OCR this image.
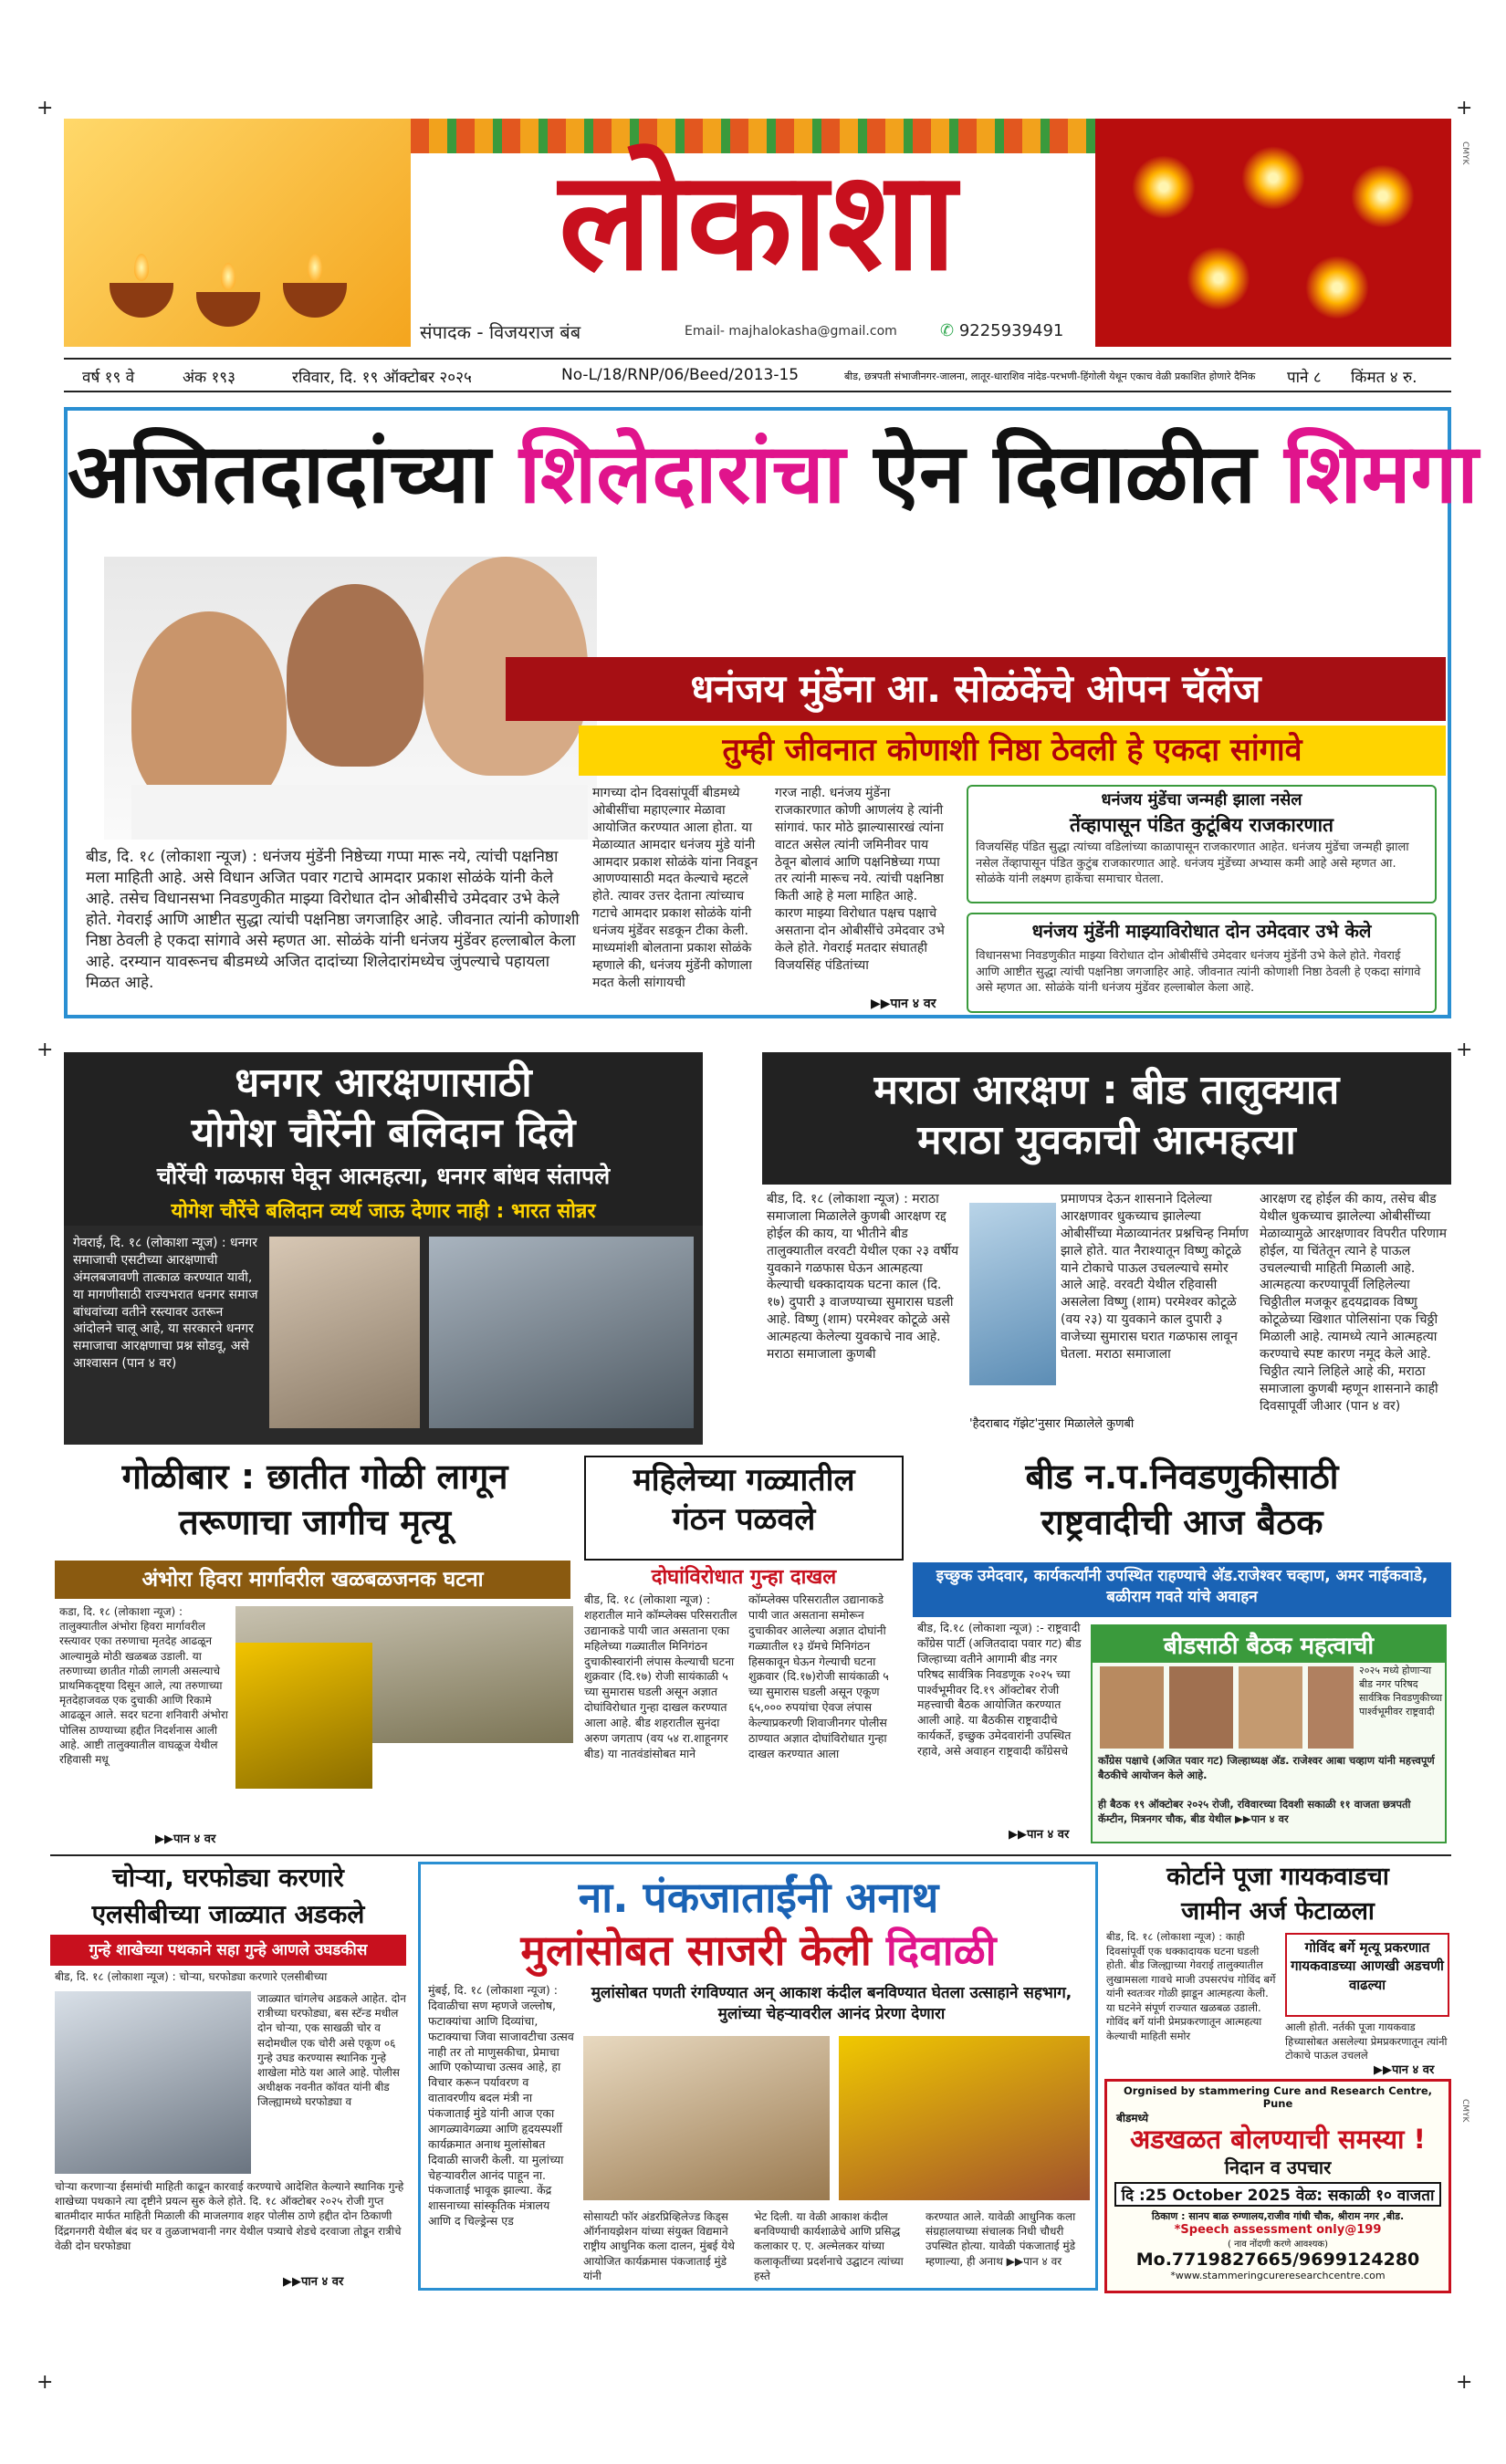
+	+
+	+
+	+
CMYK
CMYK
लोकाशा
संपादक - विजयराज बंब	Email- majhalokasha@gmail.com	✆ 9225939491
वर्ष १९ वे	अंक १९३	रविवार, दि. १९ ऑक्टोबर २०२५	No-L/18/RNP/06/Beed/2013-15	बीड, छत्रपती संभाजीनगर-जालना, लातूर-धाराशिव नांदेड-परभणी-हिंगोली येथून एकाच वेळी प्रकाशित होणारे दैनिक पाने ८ किंमत ४ रु.
अजितदादांच्या शिलेदारांचा ऐन दिवाळीत शिमगा
धनंजय मुंडेंना आ. सोळंकेंचे ओपन चॅलेंज
तुम्ही जीवनात कोणाशी निष्ठा ठेवली हे एकदा सांगावे
बीड, दि. १८ (लोकाशा न्यूज) : धनंजय मुंडेंनी निष्ठेच्या गप्पा मारू नये, त्यांची पक्षनिष्ठा मला माहिती आहे. असे विधान अजित पवार गटाचे आमदार प्रकाश सोळंके यांनी केले आहे. तसेच विधानसभा निवडणुकीत माझ्या विरोधात दोन ओबीसीचे उमेदवार उभे केले होते. गेवराई आणि आष्टीत सुद्धा त्यांची पक्षनिष्ठा जगजाहिर आहे. जीवनात त्यांनी कोणाशी निष्ठा ठेवली हे एकदा सांगावे असे म्हणत आ. सोळंके यांनी धनंजय मुंडेंवर हल्लाबोल केला आहे. दरम्यान यावरूनच बीडमध्ये अजित दादांच्या शिलेदारांमध्येच जुंपल्याचे पहायला मिळत आहे.
मागच्या दोन दिवसांपूर्वी बीडमध्ये ओबीसींचा महाएल्गार मेळावा आयोजित करण्यात आला होता. या मेळाव्यात आमदार धनंजय मुंडे यांनी आमदार प्रकाश सोळंके यांना निवडून आणण्यासाठी मदत केल्याचे म्हटले होते. त्यावर उत्तर देताना त्यांच्याच गटाचे आमदार प्रकाश सोळंके यांनी धनंजय मुंडेंवर सडकून टीका केली. माध्यमांशी बोलताना प्रकाश सोळंके म्हणाले की, धनंजय मुंडेंनी कोणाला मदत केली सांगायची
गरज नाही. धनंजय मुंडेंना राजकारणात कोणी आणलंय हे त्यांनी सांगावं. फार मोठे झाल्यासारखं त्यांना वाटत असेल त्यांनी जमिनीवर पाय ठेवून बोलावं आणि पक्षनिष्ठेच्या गप्पा तर त्यांनी मारूच नये. त्यांची पक्षनिष्ठा किती आहे हे मला माहित आहे. कारण माझ्या विरोधात पक्षच पक्षाचे असताना दोन ओबीसींचे उमेदवार उभे केले होते. गेवराई मतदार संघातही विजयसिंह पंडितांच्या
▶▶पान ४ वर
धनंजय मुंडेंचा जन्मही झाला नसेल
तेंव्हापासून पंडित कुटूंबिय राजकारणात

विजयसिंह पंडित सुद्धा त्यांच्या वडिलांच्या काळापासून राजकारणात आहेत. धनंजय मुंडेंचा जन्मही झाला नसेल तेंव्हापासून पंडित कुटुंब राजकारणात आहे. धनंजय मुंडेंच्या अभ्यास कमी आहे असे म्हणत आ. सोळंके यांनी लक्ष्मण हाकेंचा समाचार घेतला.

धनंजय मुंडेंनी माझ्याविरोधात दोन उमेदवार उभे केले

विधानसभा निवडणुकीत माझ्या विरोधात दोन ओबीसींचे उमेदवार धनंजय मुंडेंनी उभे केले होते. गेवराई आणि आष्टीत सुद्धा त्यांची पक्षनिष्ठा जगजाहिर आहे. जीवनात त्यांनी कोणाशी निष्ठा ठेवली हे एकदा सांगावे असे म्हणत आ. सोळंके यांनी धनंजय मुंडेंवर हल्लाबोल केला आहे.

धनगर आरक्षणासाठी
योगेश चौरेंनी बलिदान दिले
चौरेंची गळफास घेवून आत्महत्या, धनगर बांधव संतापले
योगेश चौरेंचे बलिदान व्यर्थ जाऊ देणार नाही : भारत सोन्नर
गेवराई, दि. १८ (लोकाशा न्यूज) : धनगर समाजाची एसटीच्या आरक्षणाची अंमलबजावणी तात्काळ करण्यात यावी, या मागणीसाठी राज्यभरात धनगर समाज बांधवांच्या वतीने रस्त्यावर उतरून आंदोलने चालू आहे, या सरकारने धनगर समाजाचा आरक्षणाचा प्रश्न सोडवू, असे आश्वासन (पान ४ वर)
मराठा आरक्षण : बीड तालुक्यात
मराठा युवकाची आत्महत्या
बीड, दि. १८ (लोकाशा न्यूज) : मराठा समाजाला मिळालेले कुणबी आरक्षण रद्द होईल की काय, या भीतीने बीड तालुक्यातील वरवटी येथील एका २३ वर्षीय युवकाने गळफास घेऊन आत्महत्या केल्याची धक्कादायक घटना काल (दि. १७) दुपारी ३ वाजण्याच्या सुमारास घडली आहे. विष्णु (शाम) परमेश्वर कोटूळे असे आत्महत्या केलेल्या युवकाचे नाव आहे. मराठा समाजाला कुणबी
प्रमाणपत्र देऊन शासनाने दिलेल्या आरक्षणावर धुकच्याच झालेल्या ओबीसींच्या मेळाव्यानंतर प्रश्नचिन्ह निर्माण झाले होते. यात नैराश्यातून विष्णु कोटूळे याने टोकाचे पाऊल उचलल्याचे समोर आले आहे. वरवटी येथील रहिवासी असलेला विष्णु (शाम) परमेश्वर कोटूळे (वय २३) या युवकाने काल दुपारी ३ वाजेच्या सुमारास घरात गळफास लावून घेतला. मराठा समाजाला
आरक्षण रद्द होईल की काय, तसेच बीड येथील धुकच्याच झालेल्या ओबीसींच्या मेळाव्यामुळे आरक्षणावर विपरीत परिणाम होईल, या चिंतेतून त्याने हे पाऊल उचलल्याची माहिती मिळाली आहे. आत्महत्या करण्यापूर्वी लिहिलेल्या चिठ्ठीतील मजकूर हृदयद्रावक विष्णु कोटूळेच्या खिशात पोलिसांना एक चिठ्ठी मिळाली आहे. त्यामध्ये त्याने आत्महत्या करण्याचे स्पष्ट कारण नमूद केले आहे. चिठ्ठीत त्याने लिहिले आहे की, मराठा समाजाला कुणबी म्हणून शासनाने काही दिवसापूर्वी जीआर (पान ४ वर)
'हैदराबाद गॅझेट'नुसार मिळालेले कुणबी
गोळीबार : छातीत गोळी लागून
तरूणाचा जागीच मृत्यू
अंभोरा हिवरा मार्गावरील खळबळजनक घटना
कडा, दि. १८ (लोकाशा न्यूज) : तालुक्यातील अंभोरा हिवरा मार्गावरील रस्त्यावर एका तरुणाचा मृतदेह आढळून आल्यामुळे मोठी खळबळ उडाली. या तरुणाच्या छातीत गोळी लागली असल्याचे प्राथमिकदृष्ट्या दिसून आले, त्या तरुणाच्या मृतदेहाजवळ एक दुचाकी आणि रिकामे आढळून आले. सदर घटना शनिवारी अंभोरा पोलिस ठाण्याच्या हद्दीत निदर्शनास आली आहे. आष्टी तालुक्यातील वाघळूज येथील रहिवासी मधू
▶▶पान ४ वर
महिलेच्या गळ्यातील
गंठन पळवले
दोघांविरोधात गुन्हा दाखल
बीड, दि. १८ (लोकाशा न्यूज) : शहरातील माने कॉम्प्लेक्स परिसरातील उद्यानाकडे पायी जात असताना एका महिलेच्या गळ्यातील मिनिगंठन दुचाकीस्वारांनी लंपास केल्याची घटना शुक्रवार (दि.१७) रोजी सायंकाळी ५ च्या सुमारास घडली असून अज्ञात दोघांविरोधात गुन्हा दाखल करण्यात आला आहे. बीड शहरातील सुनंदा अरुण जगताप (वय ५४ रा.शाहूनगर बीड) या नातवंडांसोबत माने
कॉम्प्लेक्स परिसरातील उद्यानाकडे पायी जात असताना समोरून दुचाकीवर आलेल्या अज्ञात दोघांनी गळ्यातील १३ ग्रॅमचे मिनिगंठन हिसकावून घेऊन गेल्याची घटना शुक्रवार (दि.१७)रोजी सायंकाळी ५ च्या सुमारास घडली असून एकूण ६५,००० रुपयांचा ऐवज लंपास केल्याप्रकरणी शिवाजीनगर पोलीस ठाण्यात अज्ञात दोघांविरोधात गुन्हा दाखल करण्यात आला
बीड न.प.निवडणुकीसाठी
राष्ट्रवादीची आज बैठक
इच्छुक उमेदवार, कार्यकर्त्यांनी उपस्थित राहण्याचे अ‍ॅड.राजेश्वर चव्हाण, अमर नाईकवाडे, बळीराम गवते यांचे अवाहन
बीड, दि.१८ (लोकाशा न्यूज) :- राष्ट्रवादी काँग्रेस पार्टी (अजितदादा पवार गट) बीड जिल्हाच्या वतीने आगामी बीड नगर परिषद सार्वत्रिक निवडणूक २०२५ च्या पार्श्वभूमीवर दि.१९ ऑक्टोबर रोजी महत्त्वाची बैठक आयोजित करण्यात आली आहे. या बैठकीस राष्ट्रवादीचे कार्यकर्ते, इच्छुक उमेदवारांनी उपस्थित रहावे, असे अवाहन राष्ट्रवादी काँग्रेसचे
▶▶पान ४ वर
बीडसाठी बैठक महत्वाची
२०२५ मध्ये होणाऱ्या बीड नगर परिषद सार्वत्रिक निवडणुकीच्या पार्श्वभूमीवर राष्ट्रवादी
काँग्रेस पक्षाचे (अजित पवार गट) जिल्हाध्यक्ष अ‍ॅड. राजेश्वर आबा चव्हाण यांनी महत्त्वपूर्ण बैठकीचे आयोजन केले आहे.
ही बैठक १९ ऑक्टोबर २०२५ रोजी, रविवारच्या दिवशी सकाळी ११ वाजता छत्रपती कॅम्टीन, मित्रनगर चौक, बीड येथील ▶▶पान ४ वर
चोऱ्या, घरफोड्या करणारे
एलसीबीच्या जाळ्यात अडकले
गुन्हे शाखेच्या पथकाने सहा गुन्हे आणले उघडकीस
बीड, दि. १८ (लोकाशा न्यूज) : चोऱ्या, घरफोड्या करणारे एलसीबीच्या
जाळ्यात चांगलेच अडकले आहेत. दोन रात्रीच्या घरफोड्या, बस स्टॅन्ड मधील दोन चोऱ्या, एक साखळी चोर व सदोमधील एक चोरी असे एकूण ०६ गुन्हे उघड करण्यास स्थानिक गुन्हे शाखेला मोठे यश आले आहे. पोलीस अधीक्षक नवनीत कॉवत यांनी बीड जिल्ह्यामध्ये घरफोड्या व
चोऱ्या करणाऱ्या ईसमांची माहिती काढून कारवाई करण्याचे आदेशित केल्याने स्थानिक गुन्हे शाखेच्या पथकाने त्या दृष्टीने प्रयत्न सुरु केले होते. दि. १८ ऑक्टोबर २०२५ रोजी गुप्त बातमीदार मार्फत माहिती मिळाली की माजलगाव शहर पोलीस ठाणे हद्दीत दोन ठिकाणी दिंद्रगनगरी येथील बंद घर व तुळजाभवानी नगर येथील पत्र्याचे शेडचे दरवाजा तोडून रात्रीचे वेळी दोन घरफोड्या
▶▶पान ४ वर
ना. पंकजाताईंनी अनाथ
मुलांसोबत साजरी केली दिवाळी
मुलांसोबत पणती रंगविण्यात अन् आकाश कंदील बनविण्यात घेतला उत्साहाने सहभाग, मुलांच्या चेहऱ्यावरील आनंद प्रेरणा देणारा
मुंबई, दि. १८ (लोकाशा न्यूज) : दिवाळीचा सण म्हणजे जल्लोष, फटाक्यांचा आणि दिव्यांचा, फटाक्याचा जिवा साजावटीचा उत्सव नाही तर तो माणुसकीचा, प्रेमाचा आणि एकोप्याचा उत्सव आहे, हा विचार करून पर्यावरण व वातावरणीय बदल मंत्री ना पंकजाताई मुंडे यांनी आज एका आगळ्यावेगळ्या आणि हृदयस्पर्शी कार्यक्रमात अनाथ मुलांसोबत दिवाळी साजरी केली. या मुलांच्या चेहऱ्यावरील आनंद पाहून ना. पंकजाताई भावूक झाल्या. केंद्र शासनाच्या सांस्कृतिक मंत्रालय आणि द चिल्ड्रेन्स एड	सोसायटी फॉर अंडरप्रिव्हिलेज्ड किड्स ऑर्गनायझेशन यांच्या संयुक्त विद्यमाने राष्ट्रीय आधुनिक कला दालन, मुंबई येथे आयोजित कार्यक्रमास पंकजाताई मुंडे यांनी
भेट दिली. या वेळी आकाश कंदील बनविण्याची कार्यशाळेचे आणि प्रसिद्ध कलाकार ए. ए. अल्मेलकर यांच्या कलाकृतींच्या प्रदर्शनाचे उद्घाटन त्यांच्या हस्ते
करण्यात आले. यावेळी आधुनिक कला संग्रहालयाच्या संचालक निधी चौधरी उपस्थित होत्या. यावेळी पंकजाताई मुंडे म्हणाल्या, ही अनाथ ▶▶पान ४ वर
कोर्टाने पूजा गायकवाडचा
जामीन अर्ज फेटाळला
बीड, दि. १८ (लोकाशा न्यूज) : काही दिवसांपूर्वी एक धक्कादायक घटना घडली होती. बीड जिल्ह्याच्या गेवराई तालुक्यातील लुखामसला गावचे माजी उपसरपंच गोविंद बर्गे यांनी स्वतःवर गोळी झाडून आत्महत्या केली. या घटनेने संपूर्ण राज्यात खळबळ उडाली. गोविंद बर्गे यांनी प्रेमप्रकरणातून आत्महत्या केल्याची माहिती समोर
गोविंद बर्गे मृत्यू प्रकरणात गायकवाडच्या आणखी अडचणी वाढल्या
आली होती. नर्तकी पूजा गायकवाड हिच्यासोबत असलेल्या प्रेमप्रकरणातून त्यांनी टोकाचे पाऊल उचलले
▶▶पान ४ वर
Orgnised by stammering Cure and Research Centre, Pune
बीडमध्ये
अडखळत बोलण्याची समस्या !
निदान व उपचार
दि :25 October 2025 वेळ: सकाळी १० वाजता
ठिकाण : सानप बाळ रुग्णालय,राजीव गांधी चौक, श्रीराम नगर ,बीड.
*Speech assessment only@199
( नाव नोंदणी करणे आवश्यक)
Mo.7719827665/9699124280
*www.stammeringcureresearchcentre.com
